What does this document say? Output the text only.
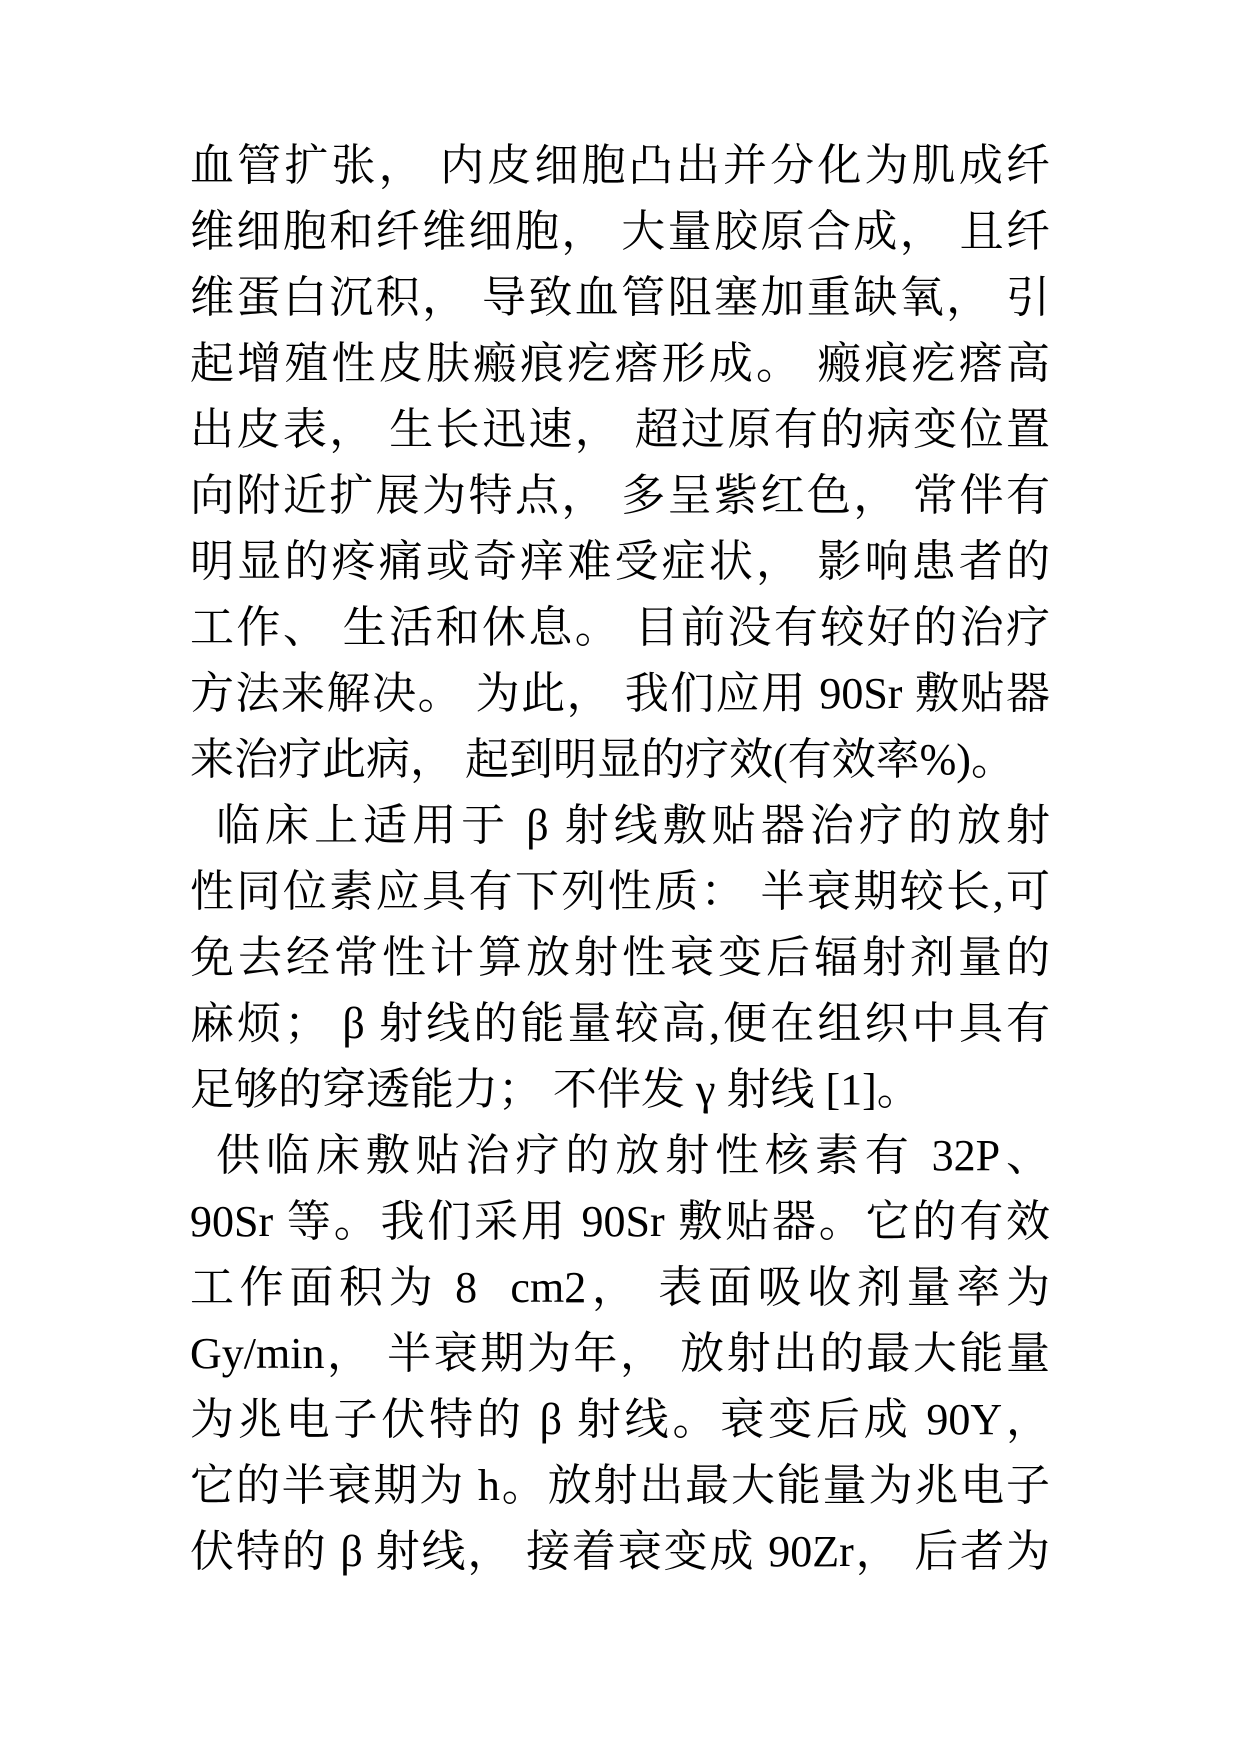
血管扩张， 内皮细胞凸出并分化为肌成纤
维细胞和纤维细胞， 大量胶原合成， 且纤
维蛋白沉积， 导致血管阻塞加重缺氧， 引
起增殖性皮肤瘢痕疙瘩形成。 瘢痕疙瘩高
出皮表， 生长迅速， 超过原有的病变位置
向附近扩展为特点， 多呈紫红色， 常伴有
明显的疼痛或奇痒难受症状， 影响患者的
工作、 生活和休息。 目前没有较好的治疗
方法来解决。 为此， 我们应用 90Sr 敷贴器
来治疗此病， 起到明显的疗效(有效率%)。
临床上适用于 β 射线敷贴器治疗的放射
性同位素应具有下列性质： 半衰期较长,可
免去经常性计算放射性衰变后辐射剂量的
麻烦； β 射线的能量较高,便在组织中具有
足够的穿透能力； 不伴发 γ 射线 [1]。
供临床敷贴治疗的放射性核素有 32P、
90Sr 等。我们采用 90Sr 敷贴器。它的有效
工作面积为 8  cm2， 表面吸收剂量率为
Gy/min， 半衰期为年， 放射出的最大能量
为兆电子伏特的 β 射线。衰变后成 90Y，
它的半衰期为 h。放射出最大能量为兆电子
伏特的 β 射线， 接着衰变成 90Zr， 后者为
